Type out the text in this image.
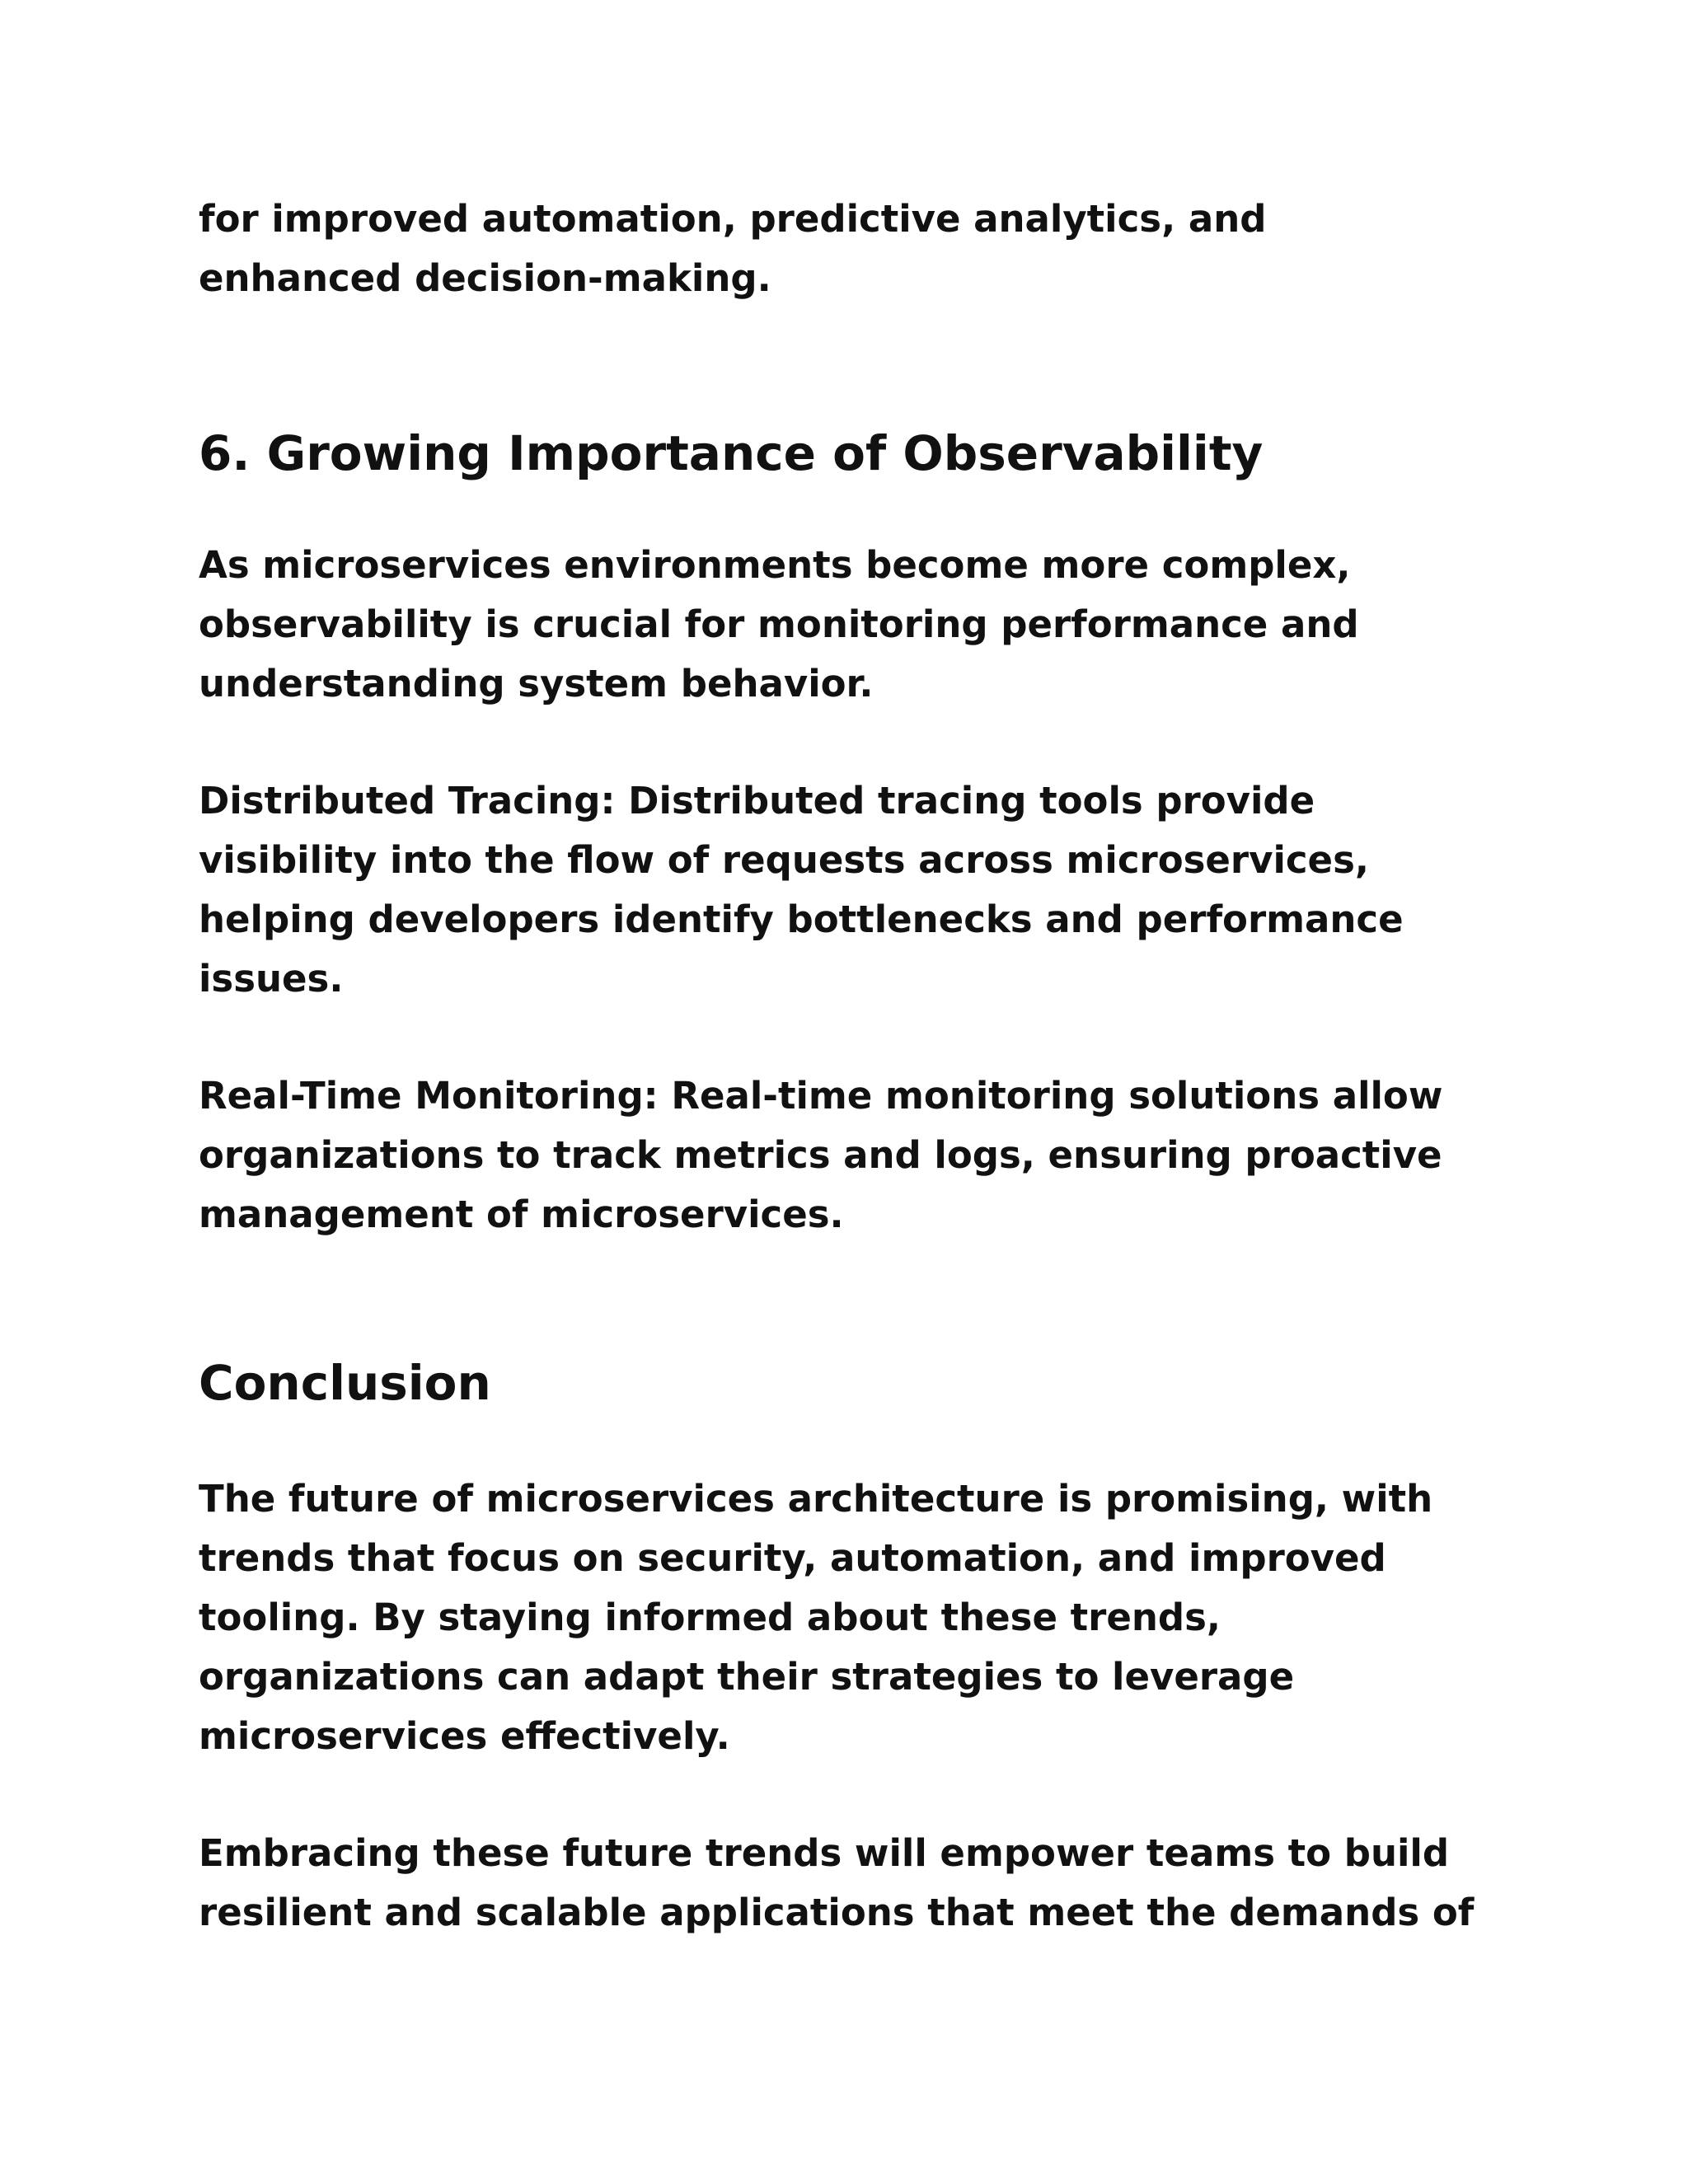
for improved automation, predictive analytics, and
enhanced decision-making.

6. Growing Importance of Observability

As microservices environments become more complex,
observability is crucial for monitoring performance and
understanding system behavior.

Distributed Tracing: Distributed tracing tools provide
visibility into the flow of requests across microservices,
helping developers identify bottlenecks and performance
issues.

Real-Time Monitoring: Real-time monitoring solutions allow
organizations to track metrics and logs, ensuring proactive
management of microservices.

Conclusion

The future of microservices architecture is promising, with
trends that focus on security, automation, and improved
tooling. By staying informed about these trends,
organizations can adapt their strategies to leverage
microservices effectively.

Embracing these future trends will empower teams to build
resilient and scalable applications that meet the demands of
